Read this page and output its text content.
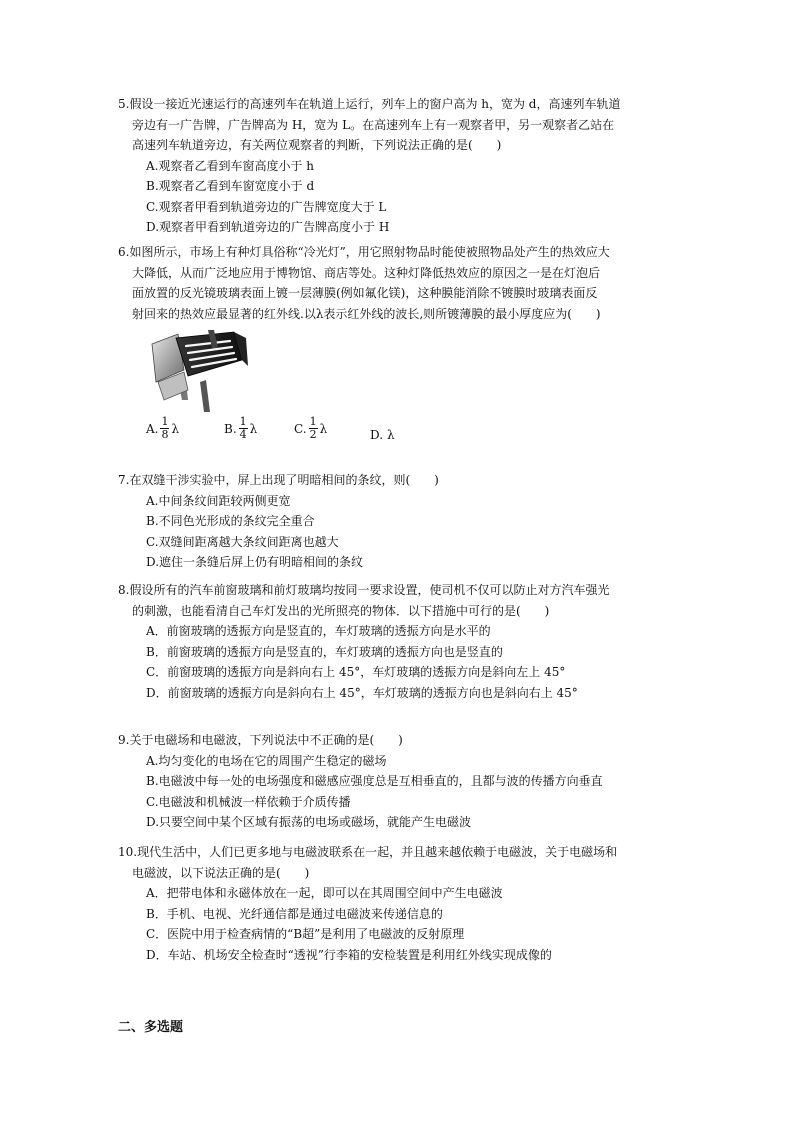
5.假设一接近光速运行的高速列车在轨道上运行，列车上的窗户高为 h，宽为 d，高速列车轨道
旁边有一广告牌，广告牌高为 H，宽为 L。在高速列车上有一观察者甲，另一观察者乙站在
高速列车轨道旁边，有关两位观察者的判断，下列说法正确的是(　　)
A.观察者乙看到车窗高度小于 h
B.观察者乙看到车窗宽度小于 d
C.观察者甲看到轨道旁边的广告牌宽度大于 L
D.观察者甲看到轨道旁边的广告牌高度小于 H
6.如图所示，市场上有种灯具俗称“冷光灯”，用它照射物品时能使被照物品处产生的热效应大
大降低，从而广泛地应用于博物馆、商店等处。这种灯降低热效应的原因之一是在灯泡后
面放置的反光镜玻璃表面上镀一层薄膜(例如氟化镁)，这种膜能消除不镀膜时玻璃表面反
射回来的热效应最显著的红外线.以λ表示红外线的波长,则所镀薄膜的最小厚度应为(　　)
A. $\frac{1}{8}$ λ	B. $\frac{1}{4}$ λ	C. $\frac{1}{2}$ λ	D. λ
7.在双缝干涉实验中，屏上出现了明暗相间的条纹，则(　　)
A.中间条纹间距较两侧更宽
B.不同色光形成的条纹完全重合
C.双缝间距离越大条纹间距离也越大
D.遮住一条缝后屏上仍有明暗相间的条纹
8.假设所有的汽车前窗玻璃和前灯玻璃均按同一要求设置，使司机不仅可以防止对方汽车强光
的刺激，也能看清自己车灯发出的光所照亮的物体．以下措施中可行的是(　　)
A．前窗玻璃的透振方向是竖直的，车灯玻璃的透振方向是水平的
B．前窗玻璃的透振方向是竖直的，车灯玻璃的透振方向也是竖直的
C．前窗玻璃的透振方向是斜向右上 45°，车灯玻璃的透振方向是斜向左上 45°
D．前窗玻璃的透振方向是斜向右上 45°，车灯玻璃的透振方向也是斜向右上 45°
9.关于电磁场和电磁波，下列说法中不正确的是(　　)
A.均匀变化的电场在它的周围产生稳定的磁场
B.电磁波中每一处的电场强度和磁感应强度总是互相垂直的，且都与波的传播方向垂直
C.电磁波和机械波一样依赖于介质传播
D.只要空间中某个区域有振荡的电场或磁场，就能产生电磁波
10.现代生活中，人们已更多地与电磁波联系在一起，并且越来越依赖于电磁波，关于电磁场和
电磁波，以下说法正确的是(　　)
A．把带电体和永磁体放在一起，即可以在其周围空间中产生电磁波
B．手机、电视、光纤通信都是通过电磁波来传递信息的
C．医院中用于检查病情的“B超”是利用了电磁波的反射原理
D．车站、机场安全检查时“透视”行李箱的安检装置是利用红外线实现成像的
二、多选题
